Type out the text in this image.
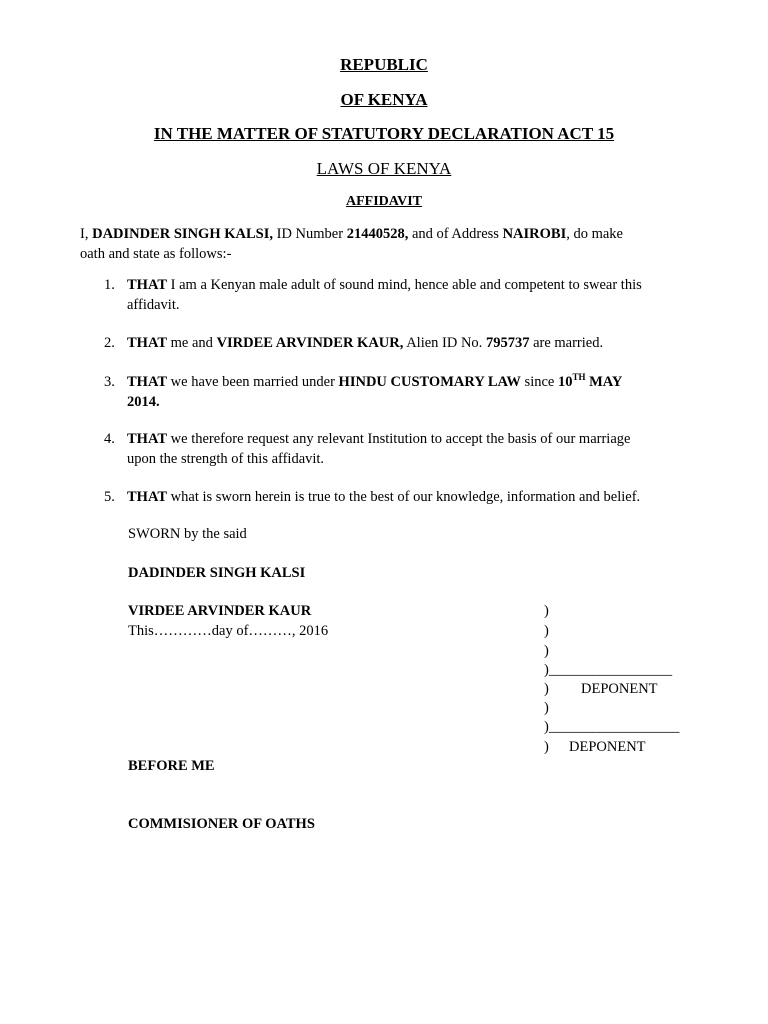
REPUBLIC
OF KENYA
IN THE MATTER OF STATUTORY DECLARATION ACT 15
LAWS OF KENYA
AFFIDAVIT
I, DADINDER SINGH KALSI, ID Number 21440528, and of Address NAIROBI, do make
oath and state as follows:-
1. THAT I am a Kenyan male adult of sound mind, hence able and competent to swear this
affidavit.
2. THAT me and VIRDEE ARVINDER KAUR, Alien ID No. 795737 are married.
3. THAT we have been married under HINDU CUSTOMARY LAW since 10TH MAY
2014.
4. THAT we therefore request any relevant Institution to accept the basis of our marriage
upon the strength of this affidavit.
5. THAT what is sworn herein is true to the best of our knowledge, information and belief.
SWORN by the said
DADINDER SINGH KALSI
VIRDEE ARVINDER KAUR
This…………day of………, 2016
)
)
)
)_________________
) DEPONENT
)
)__________________
) DEPONENT
BEFORE ME
COMMISIONER OF OATHS
